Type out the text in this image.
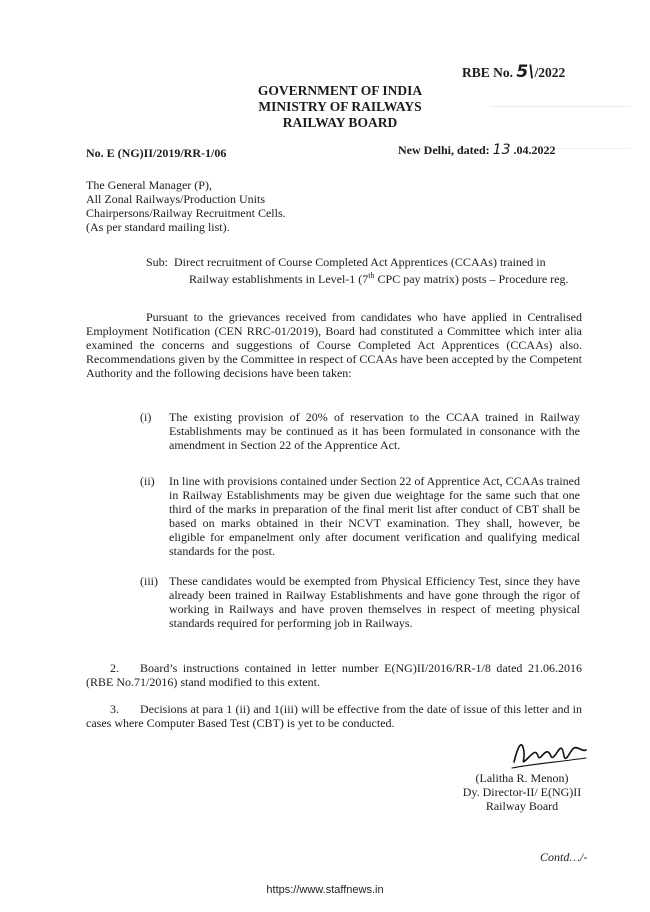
RBE No. 5\/2022
GOVERNMENT OF INDIA
MINISTRY OF RAILWAYS
RAILWAY BOARD
No. E (NG)II/2019/RR-1/06	New Delhi, dated: 13 .04.2022
The General Manager (P),
All Zonal Railways/Production Units
Chairpersons/Railway Recruitment Cells.
(As per standard mailing list).
Sub: Direct recruitment of Course Completed Act Apprentices (CCAAs) trained in Railway establishments in Level-1 (7th CPC pay matrix) posts – Procedure reg.
Pursuant to the grievances received from candidates who have applied in Centralised Employment Notification (CEN RRC-01/2019), Board had constituted a Committee which inter alia examined the concerns and suggestions of Course Completed Act Apprentices (CCAAs) also. Recommendations given by the Committee in respect of CCAAs have been accepted by the Competent Authority and the following decisions have been taken:
(i) The existing provision of 20% of reservation to the CCAA trained in Railway Establishments may be continued as it has been formulated in consonance with the amendment in Section 22 of the Apprentice Act.
(ii) In line with provisions contained under Section 22 of Apprentice Act, CCAAs trained in Railway Establishments may be given due weightage for the same such that one third of the marks in preparation of the final merit list after conduct of CBT shall be based on marks obtained in their NCVT examination. They shall, however, be eligible for empanelment only after document verification and qualifying medical standards for the post.
(iii) These candidates would be exempted from Physical Efficiency Test, since they have already been trained in Railway Establishments and have gone through the rigor of working in Railways and have proven themselves in respect of meeting physical standards required for performing job in Railways.
2. Board’s instructions contained in letter number E(NG)II/2016/RR-1/8 dated 21.06.2016 (RBE No.71/2016) stand modified to this extent.
3. Decisions at para 1 (ii) and 1(iii) will be effective from the date of issue of this letter and in cases where Computer Based Test (CBT) is yet to be conducted.
(Lalitha R. Menon)
Dy. Director-II/ E(NG)II
Railway Board
Contd…/-
https://www.staffnews.in
